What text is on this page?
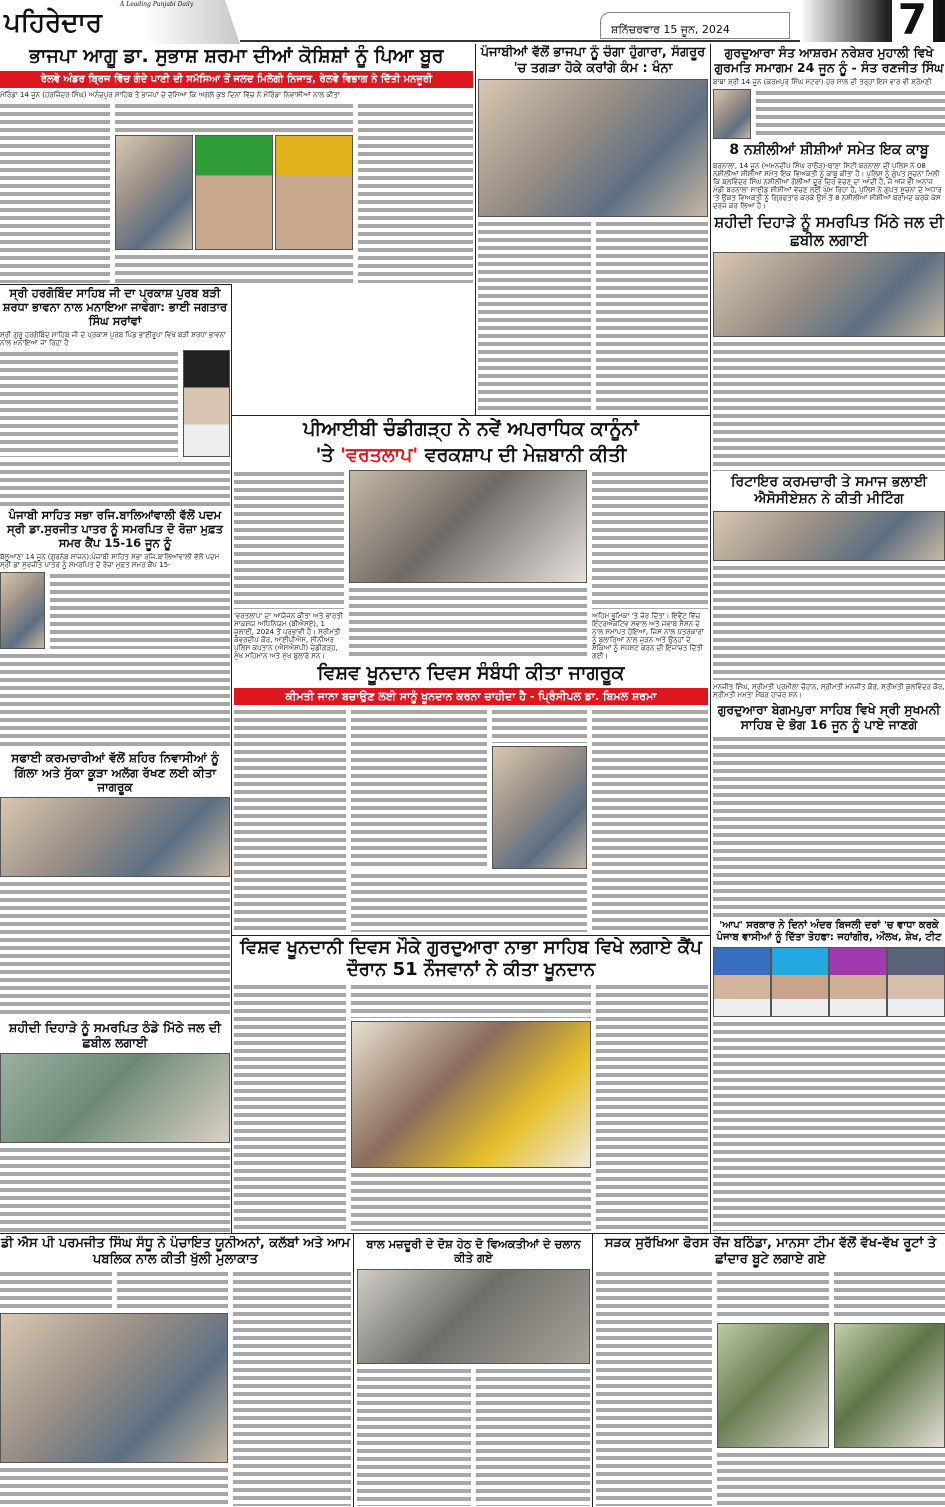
ਪਹਿਰੇਦਾਰ
A Leading Punjabi Daily
ਸ਼ਨਿੱਚਰਵਾਰ 15 ਜੂਨ, 2024	7
ਭਾਜਪਾ ਆਗੂ ਡਾ. ਸੁਭਾਸ਼ ਸ਼ਰਮਾ ਦੀਆਂ ਕੋਸ਼ਿਸ਼ਾਂ ਨੂੰ ਪਿਆ ਬੂਰ
ਰੇਲਵੇ ਅੰਡਰ ਬ੍ਰਿਜ ਵਿੱਚ ਗੰਦੇ ਪਾਣੀ ਦੀ ਸਮੱਸਿਆ ਤੋਂ ਜਲਦ ਮਿਲੇਗੀ ਨਿਜਾਤ, ਰੇਲਵੇ ਵਿਭਾਗ ਨੇ ਦਿੱਤੀ ਮਨਜ਼ੂਰੀ
ਮੋਰਿੰਡਾ 14 ਜੂਨ (ਹਰਜਿੰਦਰ ਸਿੰਘ) ਅਨੰਦਪੁਰ ਸਾਹਿਬ ਤੋਂ ਭਾਜਪਾ ਦੇ ਦੱਸਿਆ ਕਿ ਅਗਲੇ ਕੁਝ ਦਿਨਾਂ ਵਿੱਚ ਨੇ ਮੋਰਿੰਡਾ ਨਿਵਾਸੀਆਂ ਨਾਲ ਕੀਤਾ
ਸ੍ਰੀ ਹਰਗੋਬਿੰਦ ਸਾਹਿਬ ਜੀ ਦਾ ਪ੍ਰਕਾਸ਼ ਪੁਰਬ ਬੜੀ ਸ਼ਰਧਾ ਭਾਵਨਾ ਨਾਲ ਮਨਾਇਆ ਜਾਵੇਗਾ: ਭਾਈ ਜਗਤਾਰ ਸਿੰਘ ਸਰਾਂਵਾਂ
ਸ੍ਰੀ ਗੁਰੂ ਹਰਗੋਬਿੰਦ ਸਾਹਿਬ ਜੀ ਦੇ ਪ੍ਰਕਾਸ਼ ਪੁਰਬ ਪਿੰਡ ਭਾਈਰੂਪਾ ਵਿਖੇ ਬੜੀ ਸ਼ਰਧਾ ਭਾਵਨਾ ਨਾਲ ਮਨਾਇਆ ਜਾ ਰਿਹਾ ਹੈ
ਪੰਜਾਬੀ ਸਾਹਿਤ ਸਭਾ ਰਜਿ.ਬਾਲਿਆਂਵਾਲੀ ਵੱਲੋਂ ਪਦਮ ਸ੍ਰੀ ਡਾ.ਸੁਰਜੀਤ ਪਾਤਰ ਨੂੰ ਸਮਰਪਿਤ ਦੋ ਰੋਜ਼ਾ ਮੁਫ਼ਤ ਸਮਰ ਕੈਂਪ 15-16 ਜੂਨ ਨੂੰ
ਬੱਲੂਆਣਾ 14 ਜੂਨ (ਗੁਰਨੇਬ ਸਾਜਨ):ਪੰਜਾਬੀ ਸਾਹਿਤ ਸਭਾ ਰਜਿ.ਬਾਲਿਆਂਵਾਲੀ ਵੱਲੋਂ ਪਦਮ ਸ੍ਰੀ ਡਾ ਸੁਰਜੀਤ ਪਾਤਰ ਨੂੰ ਸਮਰਪਿਤ ਦੋ ਰੋਜ਼ਾ ਮੁਫ਼ਤ ਸਮਰ ਕੈਂਪ 15-
ਸਫਾਈ ਕਰਮਚਾਰੀਆਂ ਵੱਲੋਂ ਸ਼ਹਿਰ ਨਿਵਾਸੀਆਂ ਨੂੰ ਗਿੱਲਾ ਅਤੇ ਸੁੱਕਾ ਕੂੜਾ ਅਲੱਗ ਰੱਖਣ ਲਈ ਕੀਤਾ ਜਾਗਰੂਕ
ਸ਼ਹੀਦੀ ਦਿਹਾੜੇ ਨੂੰ ਸਮਰਪਿਤ ਠੰਡੇ ਮਿੱਠੇ ਜਲ ਦੀ ਛਬੀਲ ਲਗਾਈ
ਪੰਜਾਬੀਆਂ ਵੱਲੋਂ ਭਾਜਪਾ ਨੂੰ ਚੰਗਾ ਹੁੰਗਾਰਾ, ਸੰਗਰੂਰ 'ਚ ਤਗੜਾ ਹੋਕੇ ਕਰਾਂਗੇ ਕੰਮ : ਖੰਨਾ
ਪੀਆਈਬੀ ਚੰਡੀਗੜ੍ਹ ਨੇ ਨਵੇਂ ਅਪਰਾਧਿਕ ਕਾਨੂੰਨਾਂ
'ਤੇ 'ਵਰਤਲਾਪ' ਵਰਕਸ਼ਾਪ ਦੀ ਮੇਜ਼ਬਾਨੀ ਕੀਤੀ
'ਵਰਤਲਾਪ' ਦਾ ਆਯੋਜਨ ਕੀਤਾ ਅਤੇ ਭਾਰਤੀ ਸਾਕਸ਼ਯ ਅਧਿਨਿਯਮ (ਬੀਐਸਏ), 1 ਜੁਲਾਈ, 2024 ਤੋਂ ਪ੍ਰਭਾਵੀ ਹੈ। ਸ੍ਰੀਮਤੀ ਕੰਵਰਦੀਪ ਕੌਰ, ਆਈਪੀਐਸ, ਸੀਨੀਅਰ ਪੁਲਿਸ ਕਪਤਾਨ (ਐਸਐਸਪੀ) ਚੰਡੀਗੜ੍ਹ, ਮੁੱਖ ਮਹਿਮਾਨ ਅਤੇ ਮੁੱਖ ਬੁਲਾਰੇ ਸਨ।
ਅਹਿਮ ਭੂਮਿਕਾ 'ਤੇ ਜ਼ੋਰ ਦਿੱਤਾ। ਇਵੈਂਟ ਵਿੱਚ ਇੰਟਰਐਕਟਿਵ ਸਵਾਲ ਅਤੇ ਜਵਾਬ ਸੈਸ਼ਨ ਦੇ ਨਾਲ ਸਮਾਪਤ ਹੋਇਆ, ਜਿਸ ਨਾਲ ਪੱਤਰਕਾਰਾਂ ਨੂੰ ਬੁਲਾਰਿਆਂ ਨਾਲ ਜੁੜਨ ਅਤੇ ਉਨ੍ਹਾਂ ਦੇ ਸ਼ੰਕਿਆਂ ਨੂੰ ਸਪੱਸ਼ਟ ਕਰਨ ਦੀ ਇਜਾਜ਼ਤ ਦਿੱਤੀ ਗਈ।
ਵਿਸ਼ਵ ਖੂਨਦਾਨ ਦਿਵਸ ਸੰਬੰਧੀ ਕੀਤਾ ਜਾਗਰੂਕ
ਕੀਮਤੀ ਜਾਨਾ ਬਚਾਉਣ ਲਈ ਸਾਨੂੰ ਖੂਨਦਾਨ ਕਰਨਾ ਚਾਹੀਦਾ ਹੈ - ਪ੍ਰਿੰਸੀਪਲ ਡਾ. ਬਿਮਲ ਸ਼ਰਮਾ
ਵਿਸ਼ਵ ਖੂਨਦਾਨੀ ਦਿਵਸ ਮੌਕੇ ਗੁਰਦੁਆਰਾ ਨਾਭਾ ਸਾਹਿਬ ਵਿਖੇ ਲਗਾਏ ਕੈਂਪ ਦੌਰਾਨ 51 ਨੌਜਵਾਨਾਂ ਨੇ ਕੀਤਾ ਖੂਨਦਾਨ
ਗੁਰਦੁਆਰਾ ਸੰਤ ਆਸ਼ਰਮ ਨਰੇਸ਼ਰ ਮੁਹਾਲੀ ਵਿਖੇ ਗੁਰਮਤਿ ਸਮਾਗਮ 24 ਜੂਨ ਨੂੰ - ਸੰਤ ਰਣਜੀਤ ਸਿੰਘ
ਬਾਬਾ ਸ਼੍ਰੀ 14 ਜੂਨ (ਕਰਮਪੁਰ ਸਿੰਘ ਮੱਟਰਾ) ਹਰ ਸਾਲ ਦੀ ਤਰ੍ਹਾਂ ਇਸ ਵਾਰ ਵੀ ਸ਼੍ਰੋਮਣੀ
8 ਨਸ਼ੀਲੀਆਂ ਸ਼ੀਸ਼ੀਆਂ ਸਮੇਤ ਇਕ ਕਾਬੂ
ਬਰਨਾਲਾ, 14 ਜੂਨ (ਅਮਨਦੀਪ ਸਿੰਘ ਰਾਠੌੜ)-ਥਾਣਾ ਸਿਟੀ ਬਰਨਾਲਾ ਦੀ ਪੁਲਿਸ ਨੇ 08 ਨਸ਼ੀਲੀਆਂ ਸ਼ੀਸ਼ੀਆਂ ਸਮੇਤ ਇਕ ਵਿਅਕਤੀ ਨੂੰ ਕਾਬੂ ਕੀਤਾ ਹੈ। ਪੁਲਿਸ ਨੂੰ ਗੁਪਤ ਸੂਚਨਾ ਮਿਲੀ ਕਿ ਬਲਵਿੰਦਰ ਸਿੰਘ ਨਸ਼ੀਲੀਆਂ ਗੋਲੀਆਂ ਦੂਰ ਦਿਰ ਵੇਚਣ ਦਾ ਆਦੀ ਹੈ, ਜੋ ਅੱਜ ਵੀ ਅਨਾਜ ਮੰਡੀ ਬਰਨਾਲਾ ਸਾਈਡ ਸ਼ੀਸ਼ੀਆਂ ਵੇਚਣ ਲਈ ਘੁੰਮ ਰਿਹਾ ਹੈ, ਪੁਲਿਸ ਨੇ ਗੁਪਤ ਸੂਚਨਾ ਦੇ ਅਧਾਰ 'ਤੇ ਉਕਤ ਵਿਅਕਤੀ ਨੂੰ ਗ੍ਰਿਫਤਾਰ ਕਰਕੇ ਉਸ ਤੋਂ 8 ਨਸ਼ੀਲੀਆਂ ਸ਼ੀਸ਼ੀਆਂ ਬਰਾਮਦ ਕਰਕੇ ਕੇਸ ਦਰਜ ਕਰ ਲਿਆ ਹੈ।
ਸ਼ਹੀਦੀ ਦਿਹਾੜੇ ਨੂੰ ਸਮਰਪਿਤ ਮਿੱਠੇ ਜਲ ਦੀ ਛਬੀਲ ਲਗਾਈ
ਰਿਟਾਇਰ ਕਰਮਚਾਰੀ ਤੇ ਸਮਾਜ ਭਲਾਈ ਐਸੋਸੀਏਸ਼ਨ ਨੇ ਕੀਤੀ ਮੀਟਿੰਗ
ਮਨਜੀਤ ਸਿੰਘ, ਸ੍ਰੀਮਤੀ ਪ੍ਰਮੀਲਾ ਚੌਹਾਨ, ਸ੍ਰੀਮਤੀ ਮਨਜੀਤ ਕੌਰ, ਸ੍ਰੀਮਤੀ ਕੁਲਵਿੰਦਰ ਕੌਰ, ਸ੍ਰੀਮਤੀ ਮਮਤਾ ਮੈਂਬਰ ਹਾਜ਼ਰ ਸਨ।
ਗੁਰਦੁਆਰਾ ਬੇਗਮਪੁਰਾ ਸਾਹਿਬ ਵਿਖੇ ਸ੍ਰੀ ਸੁਖਮਨੀ ਸਾਹਿਬ ਦੇ ਭੋਗ 16 ਜੂਨ ਨੂੰ ਪਾਏ ਜਾਣਗੇ
'ਆਪ' ਸਰਕਾਰ ਨੇ ਦਿਨਾਂ ਅੰਦਰ ਬਿਜਲੀ ਦਰਾਂ 'ਚ ਵਾਧਾ ਕਰਕੇ ਪੰਜਾਬ ਵਾਸੀਆਂ ਨੂੰ ਦਿੱਤਾ ਤੋਹਫਾ: ਜਹਾਂਗੀਰ, ਔਲਖ, ਸ਼ੇਖ, ਟੀਟ
ਡੀ ਐਸ ਪੀ ਪਰਮਜੀਤ ਸਿੰਘ ਸੰਧੂ ਨੇ ਪੰਚਾਇਤ ਯੂਨੀਅਨਾਂ, ਕਲੱਬਾਂ ਅਤੇ ਆਮ ਪਬਲਿਕ ਨਾਲ ਕੀਤੀ ਖੁੱਲੀ ਮੁਲਾਕਾਤ
ਬਾਲ ਮਜ਼ਦੂਰੀ ਦੇ ਦੋਸ਼ ਹੇਠ ਦੋ ਵਿਅਕਤੀਆਂ ਦੇ ਚਲਾਨ ਕੀਤੇ ਗਏ
ਸੜਕ ਸੁਰੱਖਿਆ ਫੋਰਸ ਰੇਂਜ ਬਠਿੰਡਾ, ਮਾਨਸਾ ਟੀਮ ਵੱਲੋਂ ਵੱਖ-ਵੱਖ ਰੂਟਾਂ ਤੇ ਛਾਂਦਾਰ ਬੂਟੇ ਲਗਾਏ ਗਏ
